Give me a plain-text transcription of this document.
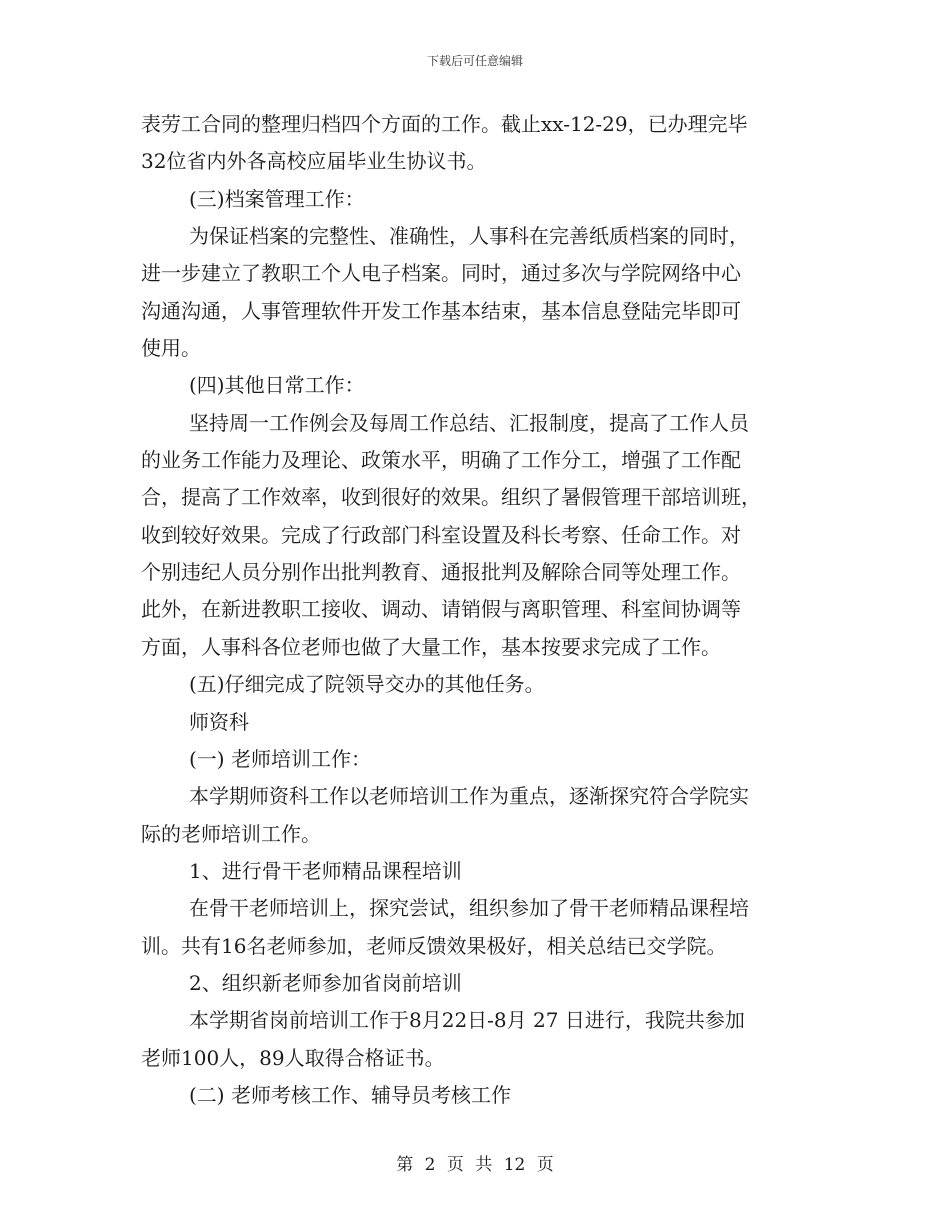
下载后可任意编辑
表劳工合同的整理归档四个方面的工作。截止xx-12-29，已办理完毕
32位省内外各高校应届毕业生协议书。
(三)档案管理工作：
为保证档案的完整性、准确性，人事科在完善纸质档案的同时，
进一步建立了教职工个人电子档案。同时，通过多次与学院网络中心
沟通沟通，人事管理软件开发工作基本结束，基本信息登陆完毕即可
使用。
(四)其他日常工作：
坚持周一工作例会及每周工作总结、汇报制度，提高了工作人员
的业务工作能力及理论、政策水平，明确了工作分工，增强了工作配
合，提高了工作效率，收到很好的效果。组织了暑假管理干部培训班，
收到较好效果。完成了行政部门科室设置及科长考察、任命工作。对
个别违纪人员分别作出批判教育、通报批判及解除合同等处理工作。
此外，在新进教职工接收、调动、请销假与离职管理、科室间协调等
方面，人事科各位老师也做了大量工作，基本按要求完成了工作。
(五)仔细完成了院领导交办的其他任务。
师资科
(一) 老师培训工作：
本学期师资科工作以老师培训工作为重点，逐渐探究符合学院实
际的老师培训工作。
1、进行骨干老师精品课程培训
在骨干老师培训上，探究尝试，组织参加了骨干老师精品课程培
训。共有16名老师参加，老师反馈效果极好，相关总结已交学院。
2、组织新老师参加省岗前培训
本学期省岗前培训工作于8月22日-8月 27 日进行，我院共参加
老师100人，89人取得合格证书。
(二) 老师考核工作、辅导员考核工作
第 2 页 共 12 页
